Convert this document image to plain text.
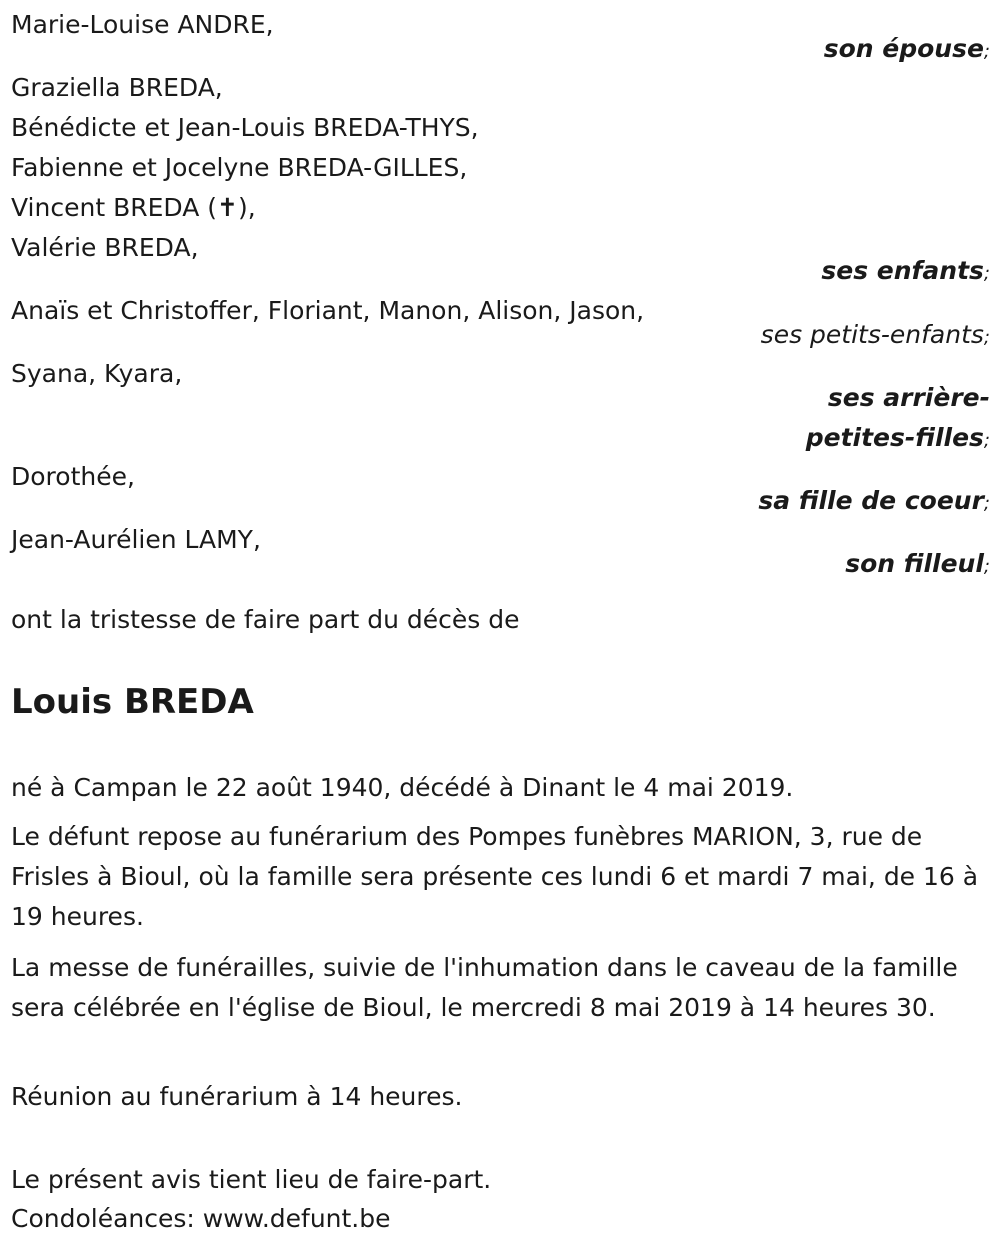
Marie-Louise ANDRE,
son épouse;
Graziella BREDA,
Bénédicte et Jean-Louis BREDA-THYS,
Fabienne et Jocelyne BREDA-GILLES,
Vincent BREDA (✝),
Valérie BREDA,
ses enfants;
Anaïs et Christoffer, Floriant, Manon, Alison, Jason,
ses petits-enfants;
Syana, Kyara,
ses arrière-
petites-filles;
Dorothée,
sa fille de coeur;
Jean-Aurélien LAMY,
son filleul;
ont la tristesse de faire part du décès de
Louis BREDA
né à Campan le 22 août 1940, décédé à Dinant le 4 mai 2019.
Le défunt repose au funérarium des Pompes funèbres MARION, 3, rue de Frisles à Bioul, où la famille sera présente ces lundi 6 et mardi 7 mai, de 16 à 19 heures.
La messe de funérailles, suivie de l'inhumation dans le caveau de la famille sera célébrée en l'église de Bioul, le mercredi 8 mai 2019 à 14 heures 30.
Réunion au funérarium à 14 heures.
Le présent avis tient lieu de faire-part.
Condoléances: www.defunt.be
